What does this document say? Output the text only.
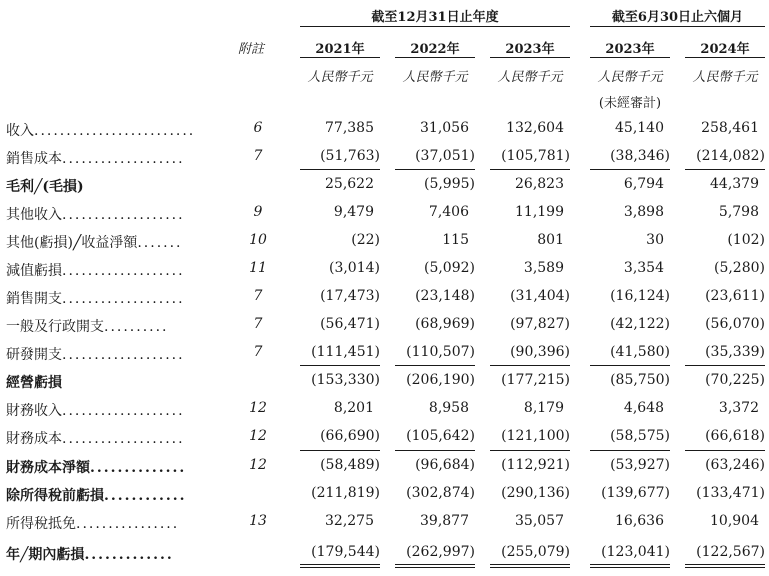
截至12月31日止年度	截至6月30日止六個月
附註	2021年	2022年	2023年	2023年	2024年
人民幣千元	人民幣千元	人民幣千元	人民幣千元	人民幣千元
(未經審計)
收入.........................	6	77,385	31,056	132,604	45,140	258,461
銷售成本...................	7	(51,763)	(37,051) (105,781)	(38,346) (214,082)
毛利╱(毛損)	25,622	(5,995)	26,823	6,794	44,379
其他收入...................	9	9,479	7,406	11,199	3,898	5,798
其他(虧損)╱收益淨額.......	10	(22)	115	801	30	(102)
減值虧損...................	11	(3,014)	(5,092)	3,589	3,354	(5,280)
銷售開支...................	7	(17,473)	(23,148)	(31,404)	(16,124)	(23,611)
一般及行政開支..........	7	(56,471)	(68,969)	(97,827)	(42,122)	(56,070)
研發開支...................	7	(111,451) (110,507)	(90,396)	(41,580)	(35,339)
經營虧損	(153,330) (206,190) (177,215)	(85,750)	(70,225)
財務收入...................	12	8,201	8,958	8,179	4,648	3,372
財務成本...................	12	(66,690) (105,642) (121,100)	(58,575)	(66,618)
財務成本淨額..............	12	(58,489)	(96,684) (112,921)	(53,927)	(63,246)
除所得稅前虧損............	(211,819) (302,874) (290,136) (139,677) (133,471)
所得稅抵免................	13	32,275	39,877	35,057	16,636	10,904
年╱期內虧損.............	(179,544) (262,997) (255,079) (123,041) (122,567)
